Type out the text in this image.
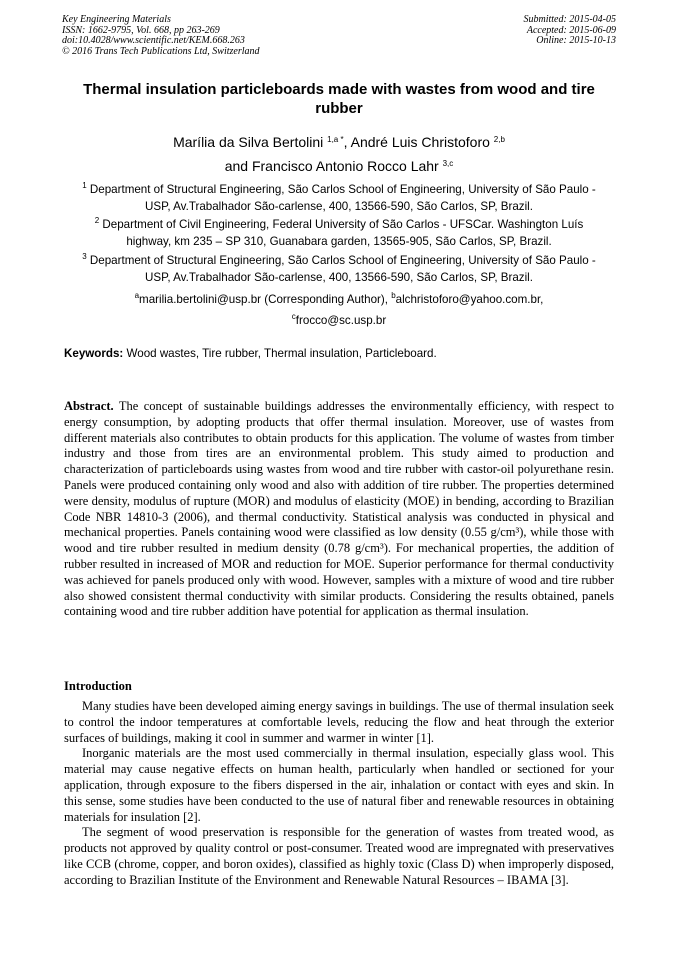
Key Engineering Materials
ISSN: 1662-9795, Vol. 668, pp 263-269
doi:10.4028/www.scientific.net/KEM.668.263
© 2016 Trans Tech Publications Ltd, Switzerland
Submitted: 2015-04-05
Accepted: 2015-06-09
Online: 2015-10-13
Thermal insulation particleboards made with wastes from wood and tire rubber
Marília da Silva Bertolini $^{1,a *}$, André Luis Christoforo $^{2,b}$
and Francisco Antonio Rocco Lahr $^{3,c}$
$^1$ Department of Structural Engineering, São Carlos School of Engineering, University of São Paulo - USP, Av.Trabalhador São-carlense, 400, 13566-590, São Carlos, SP, Brazil.
$^2$ Department of Civil Engineering, Federal University of São Carlos - UFSCar. Washington Luís highway, km 235 – SP 310, Guanabara garden, 13565-905, São Carlos, SP, Brazil.
$^3$ Department of Structural Engineering, São Carlos School of Engineering, University of São Paulo - USP, Av.Trabalhador São-carlense, 400, 13566-590, São Carlos, SP, Brazil.
$^a$marilia.bertolini@usp.br (Corresponding Author), $^b$alchristoforo@yahoo.com.br,
$^c$frocco@sc.usp.br
Keywords: Wood wastes, Tire rubber, Thermal insulation, Particleboard.
Abstract. The concept of sustainable buildings addresses the environmentally efficiency, with respect to energy consumption, by adopting products that offer thermal insulation. Moreover, use of wastes from different materials also contributes to obtain products for this application. The volume of wastes from timber industry and those from tires are an environmental problem. This study aimed to production and characterization of particleboards using wastes from wood and tire rubber with castor-oil polyurethane resin. Panels were produced containing only wood and also with addition of tire rubber. The properties determined were density, modulus of rupture (MOR) and modulus of elasticity (MOE) in bending, according to Brazilian Code NBR 14810-3 (2006), and thermal conductivity. Statistical analysis was conducted in physical and mechanical properties. Panels containing wood were classified as low density (0.55 g/cm³), while those with wood and tire rubber resulted in medium density (0.78 g/cm³). For mechanical properties, the addition of rubber resulted in increased of MOR and reduction for MOE. Superior performance for thermal conductivity was achieved for panels produced only with wood. However, samples with a mixture of wood and tire rubber also showed consistent thermal conductivity with similar products. Considering the results obtained, panels containing wood and tire rubber addition have potential for application as thermal insulation.
Introduction

Many studies have been developed aiming energy savings in buildings. The use of thermal insulation seek to control the indoor temperatures at comfortable levels, reducing the flow and heat through the exterior surfaces of buildings, making it cool in summer and warmer in winter [1].

Inorganic materials are the most used commercially in thermal insulation, especially glass wool. This material may cause negative effects on human health, particularly when handled or sectioned for your application, through exposure to the fibers dispersed in the air, inhalation or contact with eyes and skin. In this sense, some studies have been conducted to the use of natural fiber and renewable resources in obtaining materials for insulation [2].

The segment of wood preservation is responsible for the generation of wastes from treated wood, as products not approved by quality control or post-consumer. Treated wood are impregnated with preservatives like CCB (chrome, copper, and boron oxides), classified as highly toxic (Class D) when improperly disposed, according to Brazilian Institute of the Environment and Renewable Natural Resources – IBAMA [3].
